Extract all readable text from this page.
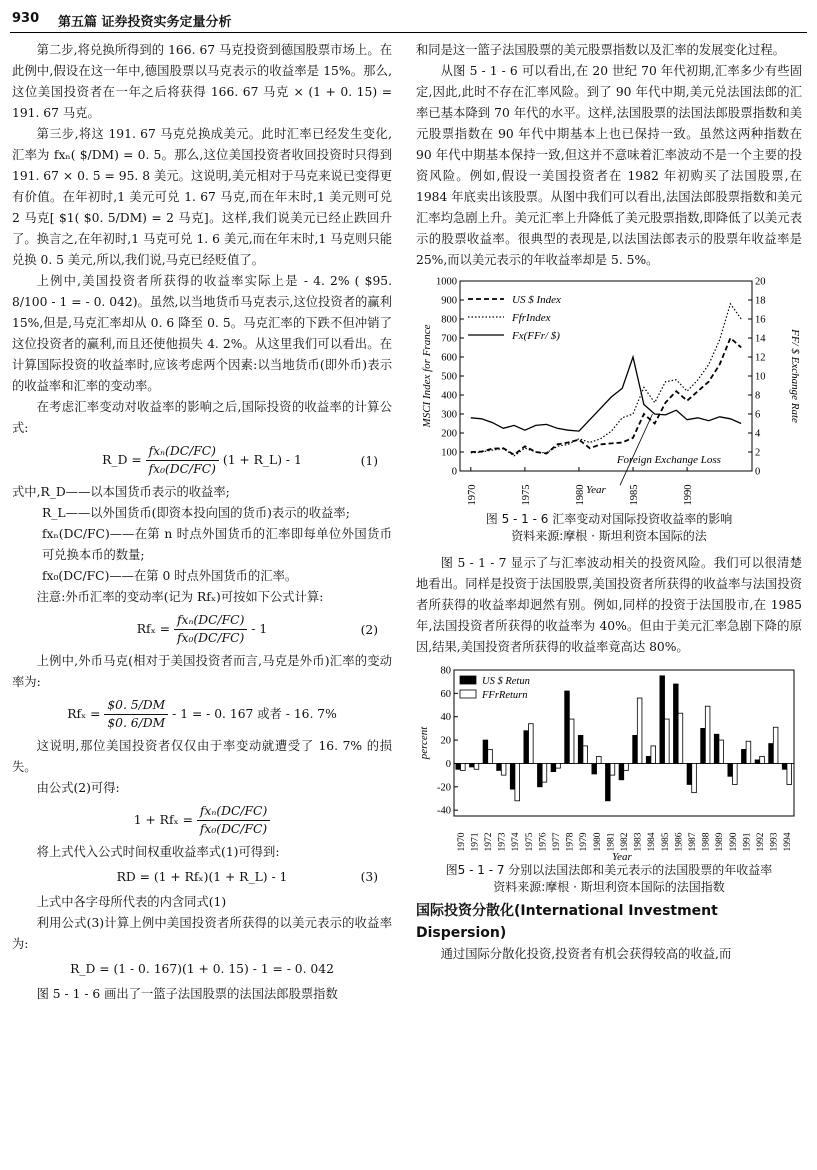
930 第五篇 证券投资实务定量分析

第二步,将兑换所得到的 166. 67 马克投资到德国股票市场上。在此例中,假设在这一年中,德国股票以马克表示的收益率是 15%。那么,这位美国投资者在一年之后将获得 166. 67 马克 × (1 + 0. 15) = 191. 67 马克。

第三步,将这 191. 67 马克兑换成美元。此时汇率已经发生变化,汇率为 fxₙ( $/DM) = 0. 5。那么,这位美国投资者收回投资时只得到 191. 67 × 0. 5 = 95. 8 美元。这说明,美元相对于马克来说已变得更有价值。在年初时,1 美元可兑 1. 67 马克,而在年末时,1 美元则可兑 2 马克[ $1( $0. 5/DM) = 2 马克]。这样,我们说美元已经止跌回升了。换言之,在年初时,1 马克可兑 1. 6 美元,而在年末时,1 马克则只能兑换 0. 5 美元,所以,我们说,马克已经贬值了。

上例中,美国投资者所获得的收益率实际上是 - 4. 2% ( $95. 8/100 - 1 = - 0. 042)。虽然,以当地货币马克表示,这位投资者的赢利 15%,但是,马克汇率却从 0. 6 降至 0. 5。马克汇率的下跌不但冲销了这位投资者的赢利,而且还使他损失 4. 2%。从这里我们可以看出。在计算国际投资的收益率时,应该考虑两个因素:以当地货币(即外币)表示的收益率和汇率的变动率。

在考虑汇率变动对收益率的影响之后,国际投资的收益率的计算公式:

R_D = $\frac{\text{fxₙ(DC/FC)}}{\text{fx₀(DC/FC)}} (1$ + R_L) - 1	(1)

式中,R_D——以本国货币表示的收益率;

R_L——以外国货币(即资本投向国的货币)表示的收益率;

fxₙ(DC/FC)——在第 n 时点外国货币的汇率即每单位外国货币可兑换本币的数量;

fx₀(DC/FC)——在第 0 时点外国货币的汇率。

注意:外币汇率的变动率(记为 Rfₓ)可按如下公式计算:

$Rf_x = \frac{\text{fxₙ(DC/FC)}}{\text{fx₀(DC/FC)}} - 1$	(2)

上例中,外币马克(相对于美国投资者而言,马克是外币)汇率的变动率为:

$Rf_x = \frac{\$0. 5/DM}{\$0. 6/DM} - 1$ = - 0. 167 或者 - 16. 7%

这说明,那位美国投资者仅仅由于率变动就遭受了 16. 7% 的损失。

由公式(2)可得:

$1 + Rf_x = \frac{\text{fxₙ(DC/FC)}}{\text{fx₀(DC/FC)}}$

将上式代入公式时间权重收益率式(1)可得到:

RD = (1 + Rfₓ)(1 + R_L) - 1	(3)

上式中各字母所代表的内含同式(1)

利用公式(3)计算上例中美国投资者所获得的以美元表示的收益率为:

R_D = (1 - 0. 167)(1 + 0. 15) - 1 = - 0. 042

图 5 - 1 - 6 画出了一篮子法国股票的法国法郎股票指数

和同是这一篮子法国股票的美元股票指数以及汇率的发展变化过程。

从图 5 - 1 - 6 可以看出,在 20 世纪 70 年代初期,汇率多少有些固定,因此,此时不存在汇率风险。到了 90 年代中期,美元兑法国法郎的汇率已基本降到 70 年代的水平。这样,法国股票的法国法郎股票指数和美元股票指数在 90 年代中期基本上也已保持一致。虽然这两种指数在 90 年代中期基本保持一致,但这并不意味着汇率波动不是一个主要的投资风险。例如,假设一美国投资者在 1982 年初购买了法国股票,在 1984 年底卖出该股票。从图中我们可以看出,法国法郎股票指数和美元汇率均急剧上升。美元汇率上升降低了美元股票指数,即降低了以美元表示的股票收益率。很典型的表现是,以法国法郎表示的股票年收益率是 25%,而以美元表示的年收益率却是 5. 5%。

0
100
200
300
400
500
600
700
800
900
1000
0
2
4
6
8
10
12
14
16
18
20
1970	1975	1980	1985	1990
Year
MSCI Index for France	FF/ $ Exchange Rate
US $ Index
FfrIndex
Fx(FFr/ $)
Foreign Exchange Loss
图 5 - 1 - 6 汇率变动对国际投资收益率的影响
资料来源:摩根 · 斯坦利资本国际的法

图 5 - 1 - 7 显示了与汇率波动相关的投资风险。我们可以很清楚地看出。同样是投资于法国股票,美国投资者所获得的收益率与法国投资者所获得的收益率却迥然有别。例如,同样的投资于法国股市,在 1985 年,法国投资者所获得的收益率为 40%。但由于美元汇率急剧下降的原因,结果,美国投资者所获得的收益率竟高达 80%。

-40
-20
0
20
40
60
80
percent
1970 1971 1972 1973 1974 1975 1976 1977 1978 1979 1980 1981 1982 1983 1984 1985 1986 1987 1988 1989 1990 1991 1992 1993 1994
Year
US $ Retun
FFrReturn
图5 - 1 - 7 分别以法国法郎和美元表示的法国股票的年收益率
资料来源:摩根 · 斯坦利资本国际的法国指数
国际投资分散化(International Investment Dispersion)

通过国际分散化投资,投资者有机会获得较高的收益,而
